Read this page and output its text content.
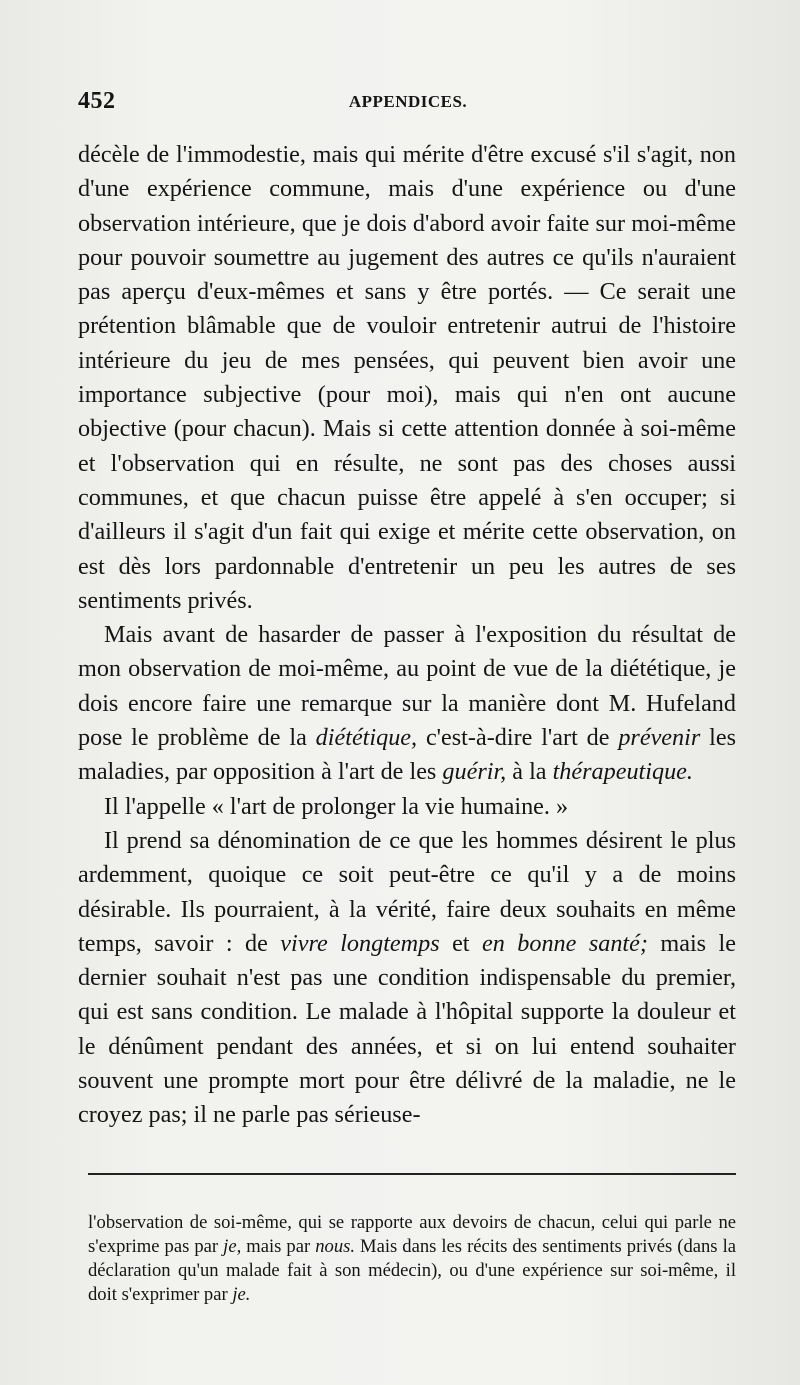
452	APPENDICES.

décèle de l'immodestie, mais qui mérite d'être excusé s'il s'agit, non d'une expérience commune, mais d'une expérience ou d'une observation intérieure, que je dois d'abord avoir faite sur moi-même pour pouvoir soumettre au jugement des autres ce qu'ils n'auraient pas aperçu d'eux-mêmes et sans y être portés. — Ce serait une prétention blâmable que de vouloir entretenir autrui de l'histoire intérieure du jeu de mes pensées, qui peuvent bien avoir une importance subjective (pour moi), mais qui n'en ont aucune objective (pour chacun). Mais si cette attention donnée à soi-même et l'observation qui en résulte, ne sont pas des choses aussi communes, et que chacun puisse être appelé à s'en occuper; si d'ailleurs il s'agit d'un fait qui exige et mérite cette observation, on est dès lors pardonnable d'entretenir un peu les autres de ses sentiments privés.

Mais avant de hasarder de passer à l'exposition du résultat de mon observation de moi-même, au point de vue de la diététique, je dois encore faire une remarque sur la manière dont M. Hufeland pose le problème de la diététique, c'est-à-dire l'art de prévenir les maladies, par opposition à l'art de les guérir, à la thérapeutique.

Il l'appelle « l'art de prolonger la vie humaine. »

Il prend sa dénomination de ce que les hommes désirent le plus ardemment, quoique ce soit peut-être ce qu'il y a de moins désirable. Ils pourraient, à la vérité, faire deux souhaits en même temps, savoir : de vivre longtemps et en bonne santé; mais le dernier souhait n'est pas une condition indispensable du premier, qui est sans condition. Le malade à l'hôpital supporte la douleur et le dénûment pendant des années, et si on lui entend souhaiter souvent une prompte mort pour être délivré de la maladie, ne le croyez pas; il ne parle pas sérieuse-

l'observation de soi-même, qui se rapporte aux devoirs de chacun, celui qui parle ne s'exprime pas par je, mais par nous. Mais dans les récits des sentiments privés (dans la déclaration qu'un malade fait à son médecin), ou d'une expérience sur soi-même, il doit s'exprimer par je.
